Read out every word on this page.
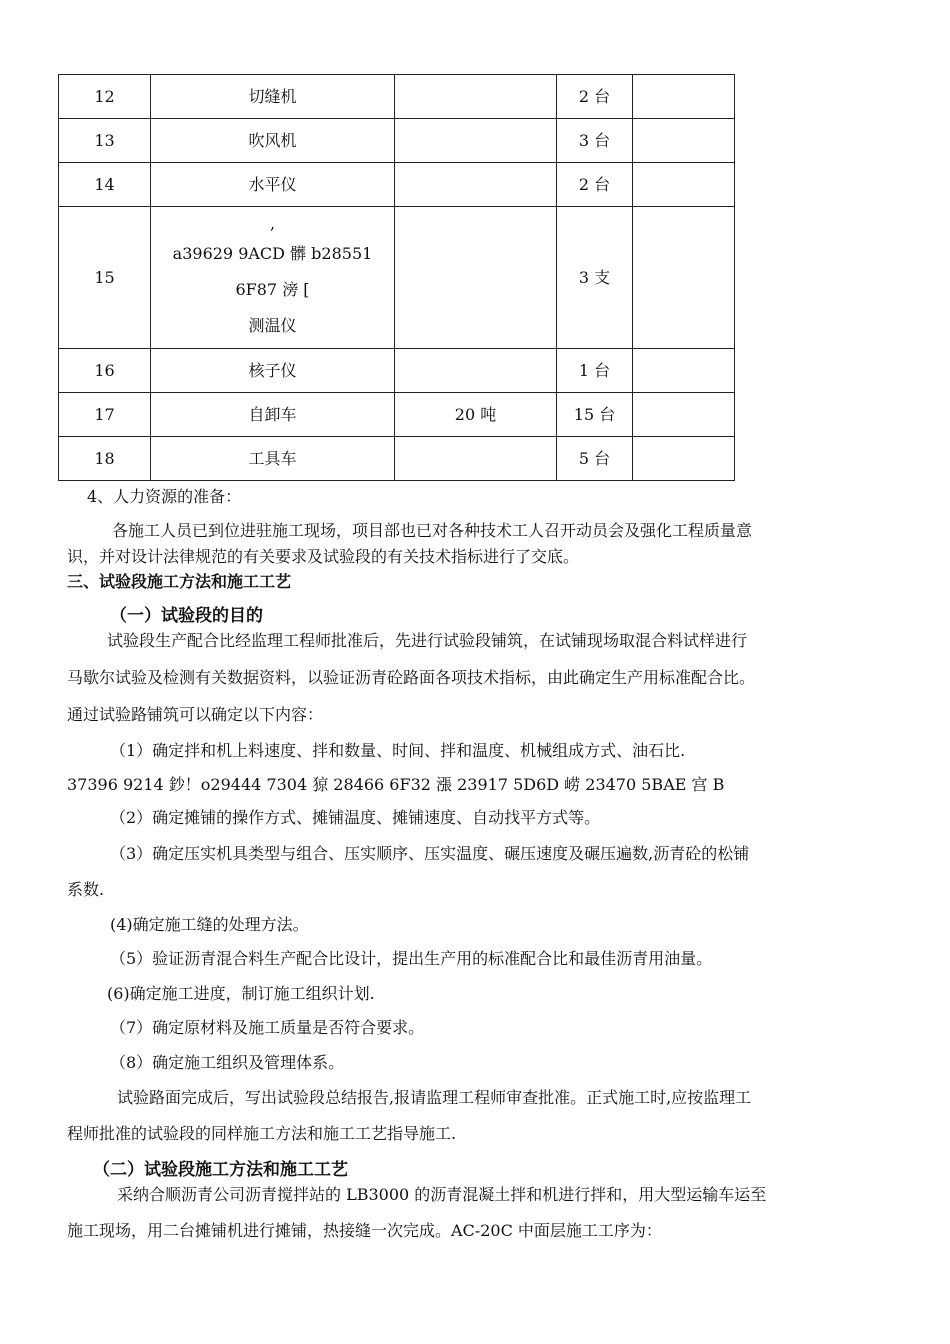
12	切缝机		2 台	
13	吹风机		3 台	
14	水平仪		2 台	
15	,
a39629 9ACD 髒 b28551
6F87 滂 [
测温仪		3 支	
16	核子仪		1 台	
17	自卸车	20 吨	15 台	
18	工具车		5 台	
4、人力资源的准备：
各施工人员已到位进驻施工现场，项目部也已对各种技术工人召开动员会及强化工程质量意
识，并对设计法律规范的有关要求及试验段的有关技术指标进行了交底。
三、试验段施工方法和施工工艺
（一）试验段的目的
试验段生产配合比经监理工程师批准后，先进行试验段铺筑，在试铺现场取混合料试样进行
马歇尔试验及检测有关数据资料，以验证沥青砼路面各项技术指标，由此确定生产用标准配合比。
通过试验路铺筑可以确定以下内容：
（1）确定拌和机上料速度、拌和数量、时间、拌和温度、机械组成方式、油石比.
37396 9214 鈔！o29444 7304 猄 28466 6F32 漲 23917 5D6D 崂 23470 5BAE 宫 B
（2）确定摊铺的操作方式、摊铺温度、摊铺速度、自动找平方式等。
（3）确定压实机具类型与组合、压实顺序、压实温度、碾压速度及碾压遍数,沥青砼的松铺
系数.
(4)确定施工缝的处理方法。
（5）验证沥青混合料生产配合比设计，提出生产用的标准配合比和最佳沥青用油量。
(6)确定施工进度，制订施工组织计划.
（7）确定原材料及施工质量是否符合要求。
（8）确定施工组织及管理体系。
试验路面完成后，写出试验段总结报告,报请监理工程师审查批准。正式施工时,应按监理工
程师批准的试验段的同样施工方法和施工工艺指导施工.
（二）试验段施工方法和施工工艺
采纳合顺沥青公司沥青搅拌站的 LB3000 的沥青混凝土拌和机进行拌和，用大型运输车运至
施工现场，用二台摊铺机进行摊铺，热接缝一次完成。AC-20C 中面层施工工序为：
